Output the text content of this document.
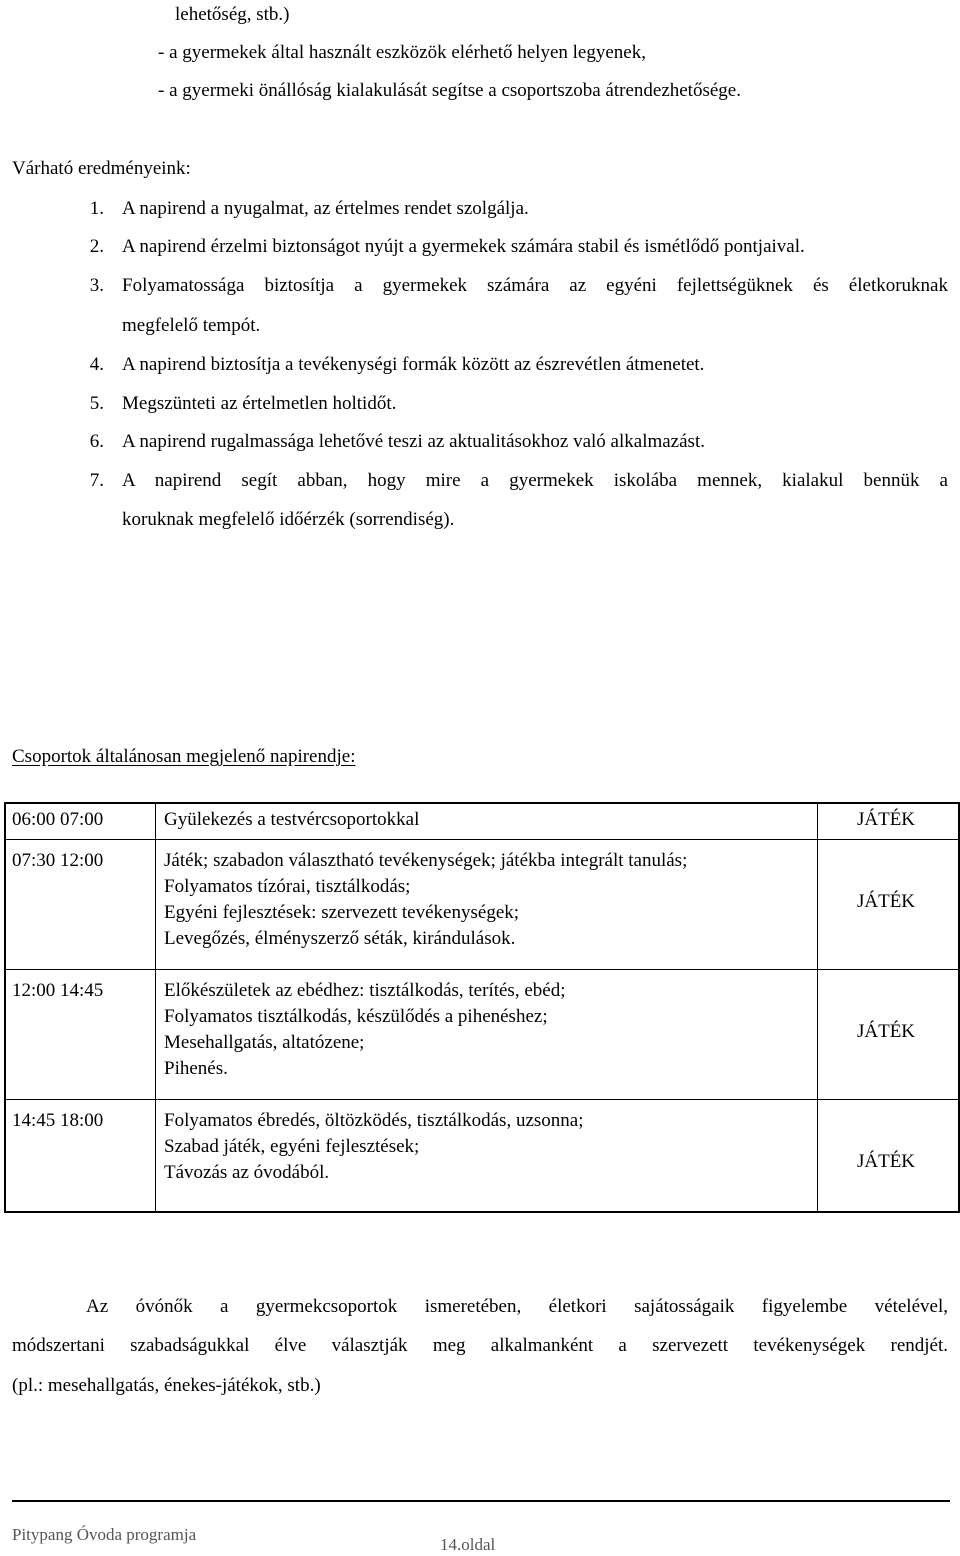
lehetőség, stb.)
- a gyermekek által használt eszközök elérhető helyen legyenek,
- a gyermeki önállóság kialakulását segítse a csoportszoba átrendezhetősége.
Várható eredményeink:
1. A napirend a nyugalmat, az értelmes rendet szolgálja.
2. A napirend érzelmi biztonságot nyújt a gyermekek számára stabil és ismétlődő pontjaival.
3. Folyamatossága biztosítja a gyermekek számára az egyéni fejlettségüknek és életkoruknak
megfelelő tempót.
4. A napirend biztosítja a tevékenységi formák között az észrevétlen átmenetet.
5. Megszünteti az értelmetlen holtidőt.
6. A napirend rugalmassága lehetővé teszi az aktualitásokhoz való alkalmazást.
7. A napirend segít abban, hogy mire a gyermekek iskolába mennek, kialakul bennük a
koruknak megfelelő időérzék (sorrendiség).
Csoportok általánosan megjelenő napirendje:
06:00 07:00	Gyülekezés a testvércsoportokkal	JÁTÉK
07:30 12:00	Játék; szabadon választható tevékenységek; játékba integrált tanulás;
Folyamatos tízórai, tisztálkodás;
Egyéni fejlesztések: szervezett tevékenységek;
Levegőzés, élményszerző séták, kirándulások.
JÁTÉK
12:00 14:45	Előkészületek az ebédhez: tisztálkodás, terítés, ebéd;
Folyamatos tisztálkodás, készülődés a pihenéshez;
Mesehallgatás, altatózene;
Pihenés.
JÁTÉK
14:45 18:00	Folyamatos ébredés, öltözködés, tisztálkodás, uzsonna;
Szabad játék, egyéni fejlesztések;
Távozás az óvodából.
JÁTÉK
Az óvónők a gyermekcsoportok ismeretében, életkori sajátosságaik figyelembe vételével,
módszertani szabadságukkal élve választják meg alkalmanként a szervezett tevékenységek rendjét.
(pl.: mesehallgatás, énekes-játékok, stb.)
Pitypang Óvoda programja
14.oldal
